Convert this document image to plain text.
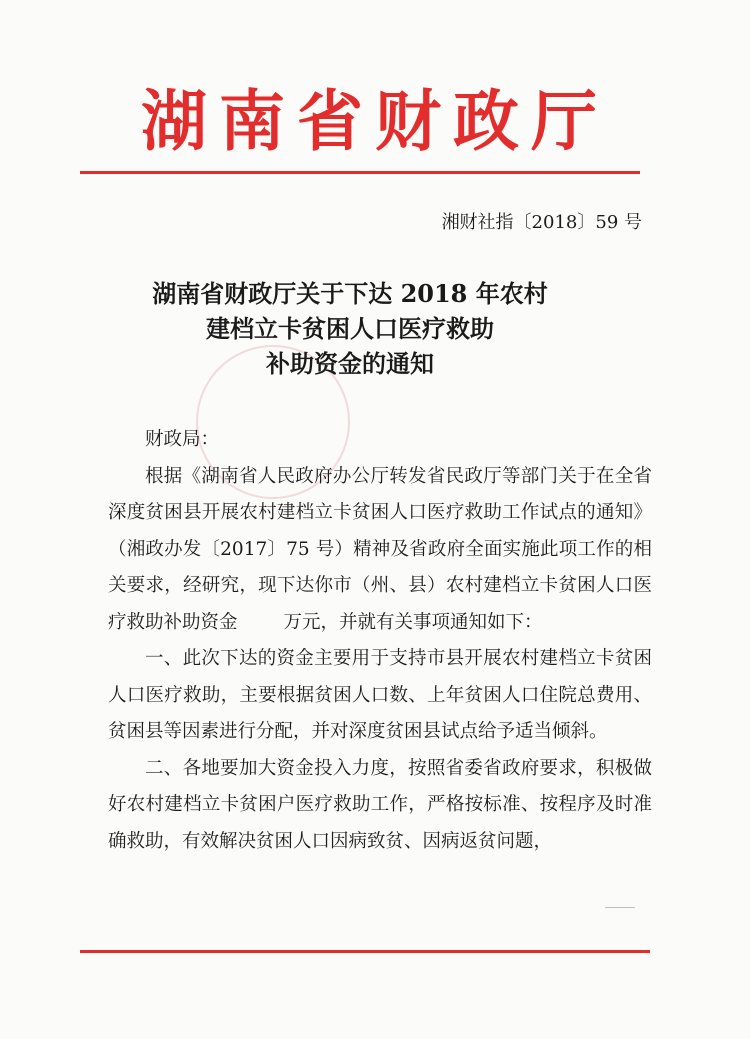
湖南省财政厅
湘财社指〔2018〕59 号
湖南省财政厅关于下达 2018 年农村
建档立卡贫困人口医疗救助
补助资金的通知

财政局：

根据《湖南省人民政府办公厅转发省民政厅等部门关于在全省深度贫困县开展农村建档立卡贫困人口医疗救助工作试点的通知》（湘政办发〔2017〕75 号）精神及省政府全面实施此项工作的相关要求，经研究，现下达你市（州、县）农村建档立卡贫困人口医疗救助补助资金 万元，并就有关事项通知如下：

一、此次下达的资金主要用于支持市县开展农村建档立卡贫困人口医疗救助，主要根据贫困人口数、上年贫困人口住院总费用、贫困县等因素进行分配，并对深度贫困县试点给予适当倾斜。

二、各地要加大资金投入力度，按照省委省政府要求，积极做好农村建档立卡贫困户医疗救助工作，严格按标准、按程序及时准确救助，有效解决贫困人口因病致贫、因病返贫问题，
